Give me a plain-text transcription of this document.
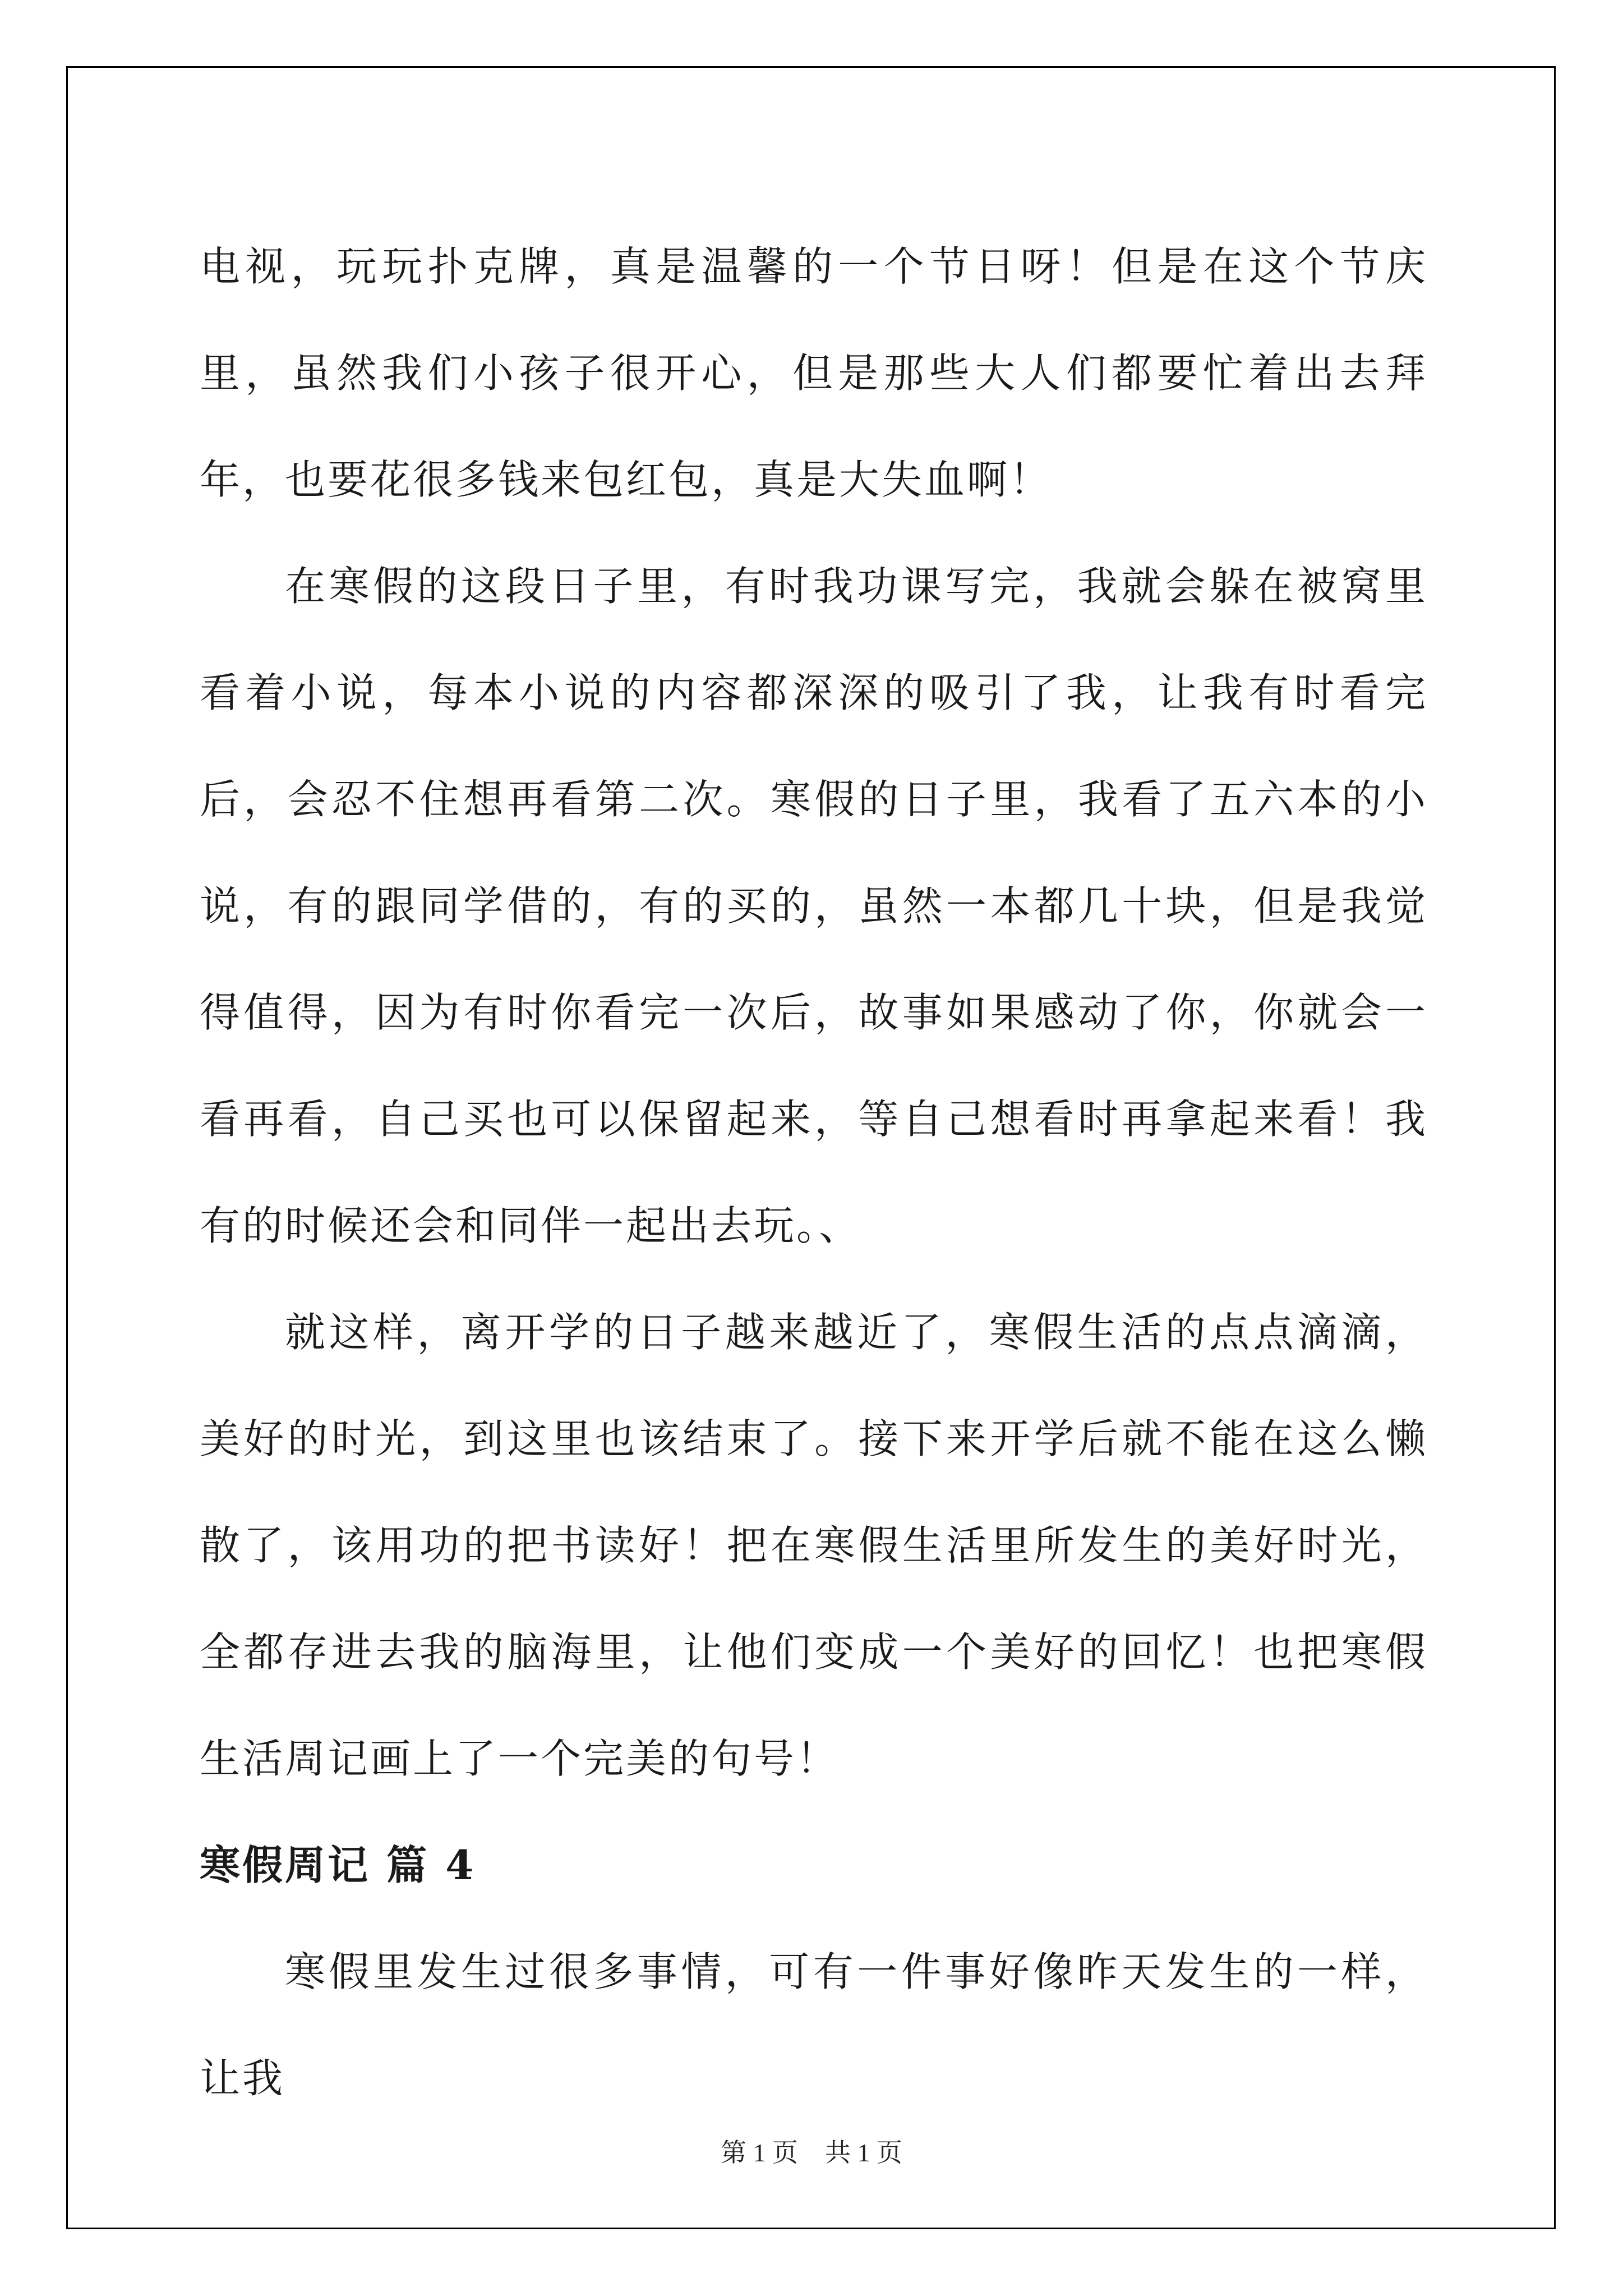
电视，玩玩扑克牌，真是温馨的一个节日呀！但是在这个节庆里，虽然我们小孩子很开心，但是那些大人们都要忙着出去拜年，也要花很多钱来包红包，真是大失血啊！

在寒假的这段日子里，有时我功课写完，我就会躲在被窝里看着小说，每本小说的内容都深深的吸引了我，让我有时看完后，会忍不住想再看第二次。寒假的日子里，我看了五六本的小说，有的跟同学借的，有的买的，虽然一本都几十块，但是我觉得值得，因为有时你看完一次后，故事如果感动了你，你就会一看再看，自己买也可以保留起来，等自己想看时再拿起来看！我有的时候还会和同伴一起出去玩。、

就这样，离开学的日子越来越近了，寒假生活的点点滴滴，美好的时光，到这里也该结束了。接下来开学后就不能在这么懒散了，该用功的把书读好！把在寒假生活里所发生的美好时光，全都存进去我的脑海里，让他们变成一个美好的回忆！也把寒假生活周记画上了一个完美的句号！

寒假周记 篇 4

寒假里发生过很多事情，可有一件事好像昨天发生的一样，让我

第 1 页 共 1 页
